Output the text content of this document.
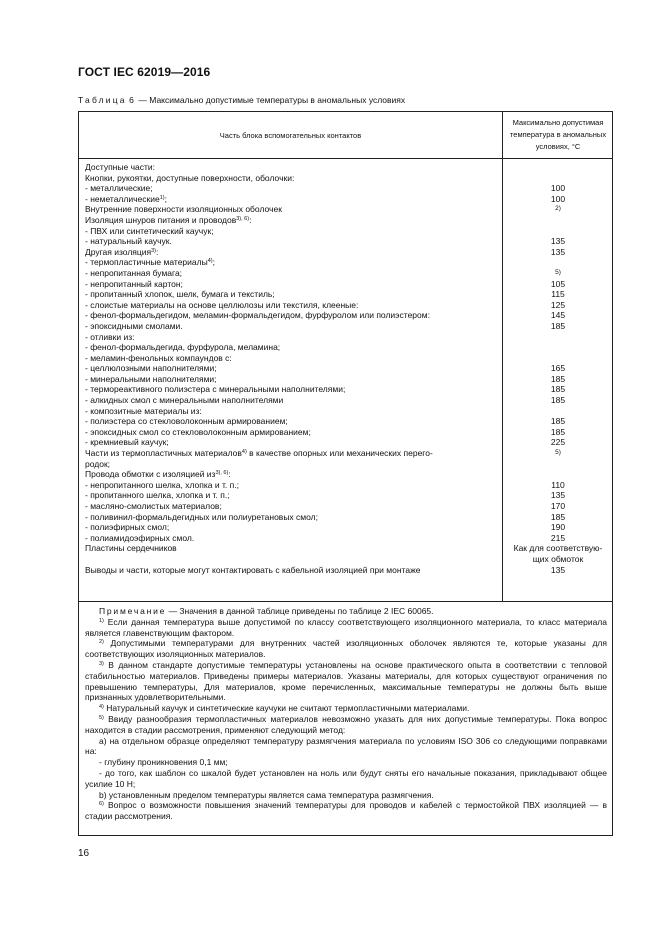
ГОСТ IEC 62019—2016
Таблица 6 — Максимально допустимые температуры в аномальных условиях
Часть блока вспомогательных контактов
Максимально допустимая температура в аномальных условиях, °С
Доступные части:
Кнопки, рукоятки, доступные поверхности, оболочки:
- металлические;
- неметаллические$^{1)}$;
Внутренние поверхности изоляционных оболочек
Изоляция шнуров питания и проводов$^{3), 6)}$:
- ПВХ или синтетический каучук;
- натуральный каучук.
Другая изоляция$^{3)}$:
- термопластичные материалы$^{4)}$;
- непропитанная бумага;
- непропитанный картон;
- пропитанный хлопок, шелк, бумага и текстиль;
- слоистые материалы на основе целлюлозы или текстиля, клееные:
- фенол-формальдегидом, меламин-формальдегидом, фурфуролом или полиэстером:
- эпоксидными смолами.
- отливки из:
- фенол-формальдегида, фурфурола, меламина;
- меламин-фенольных компаундов с:
- целлюлозными наполнителями;
- минеральными наполнителями;
- термореактивного полиэстера с минеральными наполнителями;
- алкидных смол с минеральными наполнителями
- композитные материалы из:
- полиэстера со стекловолоконным армированием;
- эпоксидных смол со стекловолоконным армированием;
- кремниевый каучук;
Части из термопластичных материалов$^{4)}$ в качестве опорных или механических перего-
родок;
Провода обмотки с изоляцией $из^{3), 6)}$:
- непропитанного шелка, хлопка и т. п.;
- пропитанного шелка, хлопка и т. п.;
- масляно-смолистых материалов;
- поливинил-формальдегидных или полиуретановых смол;
- полиэфирных смол;
- полиамидоэфирных смол.
Пластины сердечников
Выводы и части, которые могут контактировать с кабельной изоляцией при монтаже
100
100
2)
135
135
5)
105
115
125
145
185
165
185
185
185
185
185
225
5)
110
135
170
185
190
215
Как для соответствую-
щих обмоток
135

Примечание — Значения в данной таблице приведены по таблице 2 IEC 60065.

$^{1)}$ Если данная температура выше допустимой по классу соответствующего изоляционного материала, то класс материала является главенствующим фактором.

$^{2)}$ Допустимыми температурами для внутренних частей изоляционных оболочек являются те, которые указаны для соответствующих изоляционных материалов.

$^{3)}$ В данном стандарте допустимые температуры установлены на основе практического опыта в соответствии с тепловой стабильностью материалов. Приведены примеры материалов. Указаны материалы, для которых существуют ограничения по превышению температуры, Для материалов, кроме перечисленных, максимальные температуры не должны быть выше признанных удовлетворительными.

$^{4)}$ Натуральный каучук и синтетические каучуки не считают термопластичными материалами.

$^{5)}$ Ввиду разнообразия термопластичных материалов невозможно указать для них допустимые температуры. Пока вопрос находится в стадии рассмотрения, применяют следующий метод:

а) на отдельном образце определяют температуру размягчения материала по условиям ISO 306 со следующими поправками на:

- глубину проникновения 0,1 мм;

- до того, как шаблон со шкалой будет установлен на ноль или будут сняты его начальные показания, прикладывают общее усилие 10 Н;

b) установленным пределом температуры является сама температура размягчения.

$^{6)}$ Вопрос о возможности повышения значений температуры для проводов и кабелей с термостойкой ПВХ изоляцией — в стадии рассмотрения.

16
